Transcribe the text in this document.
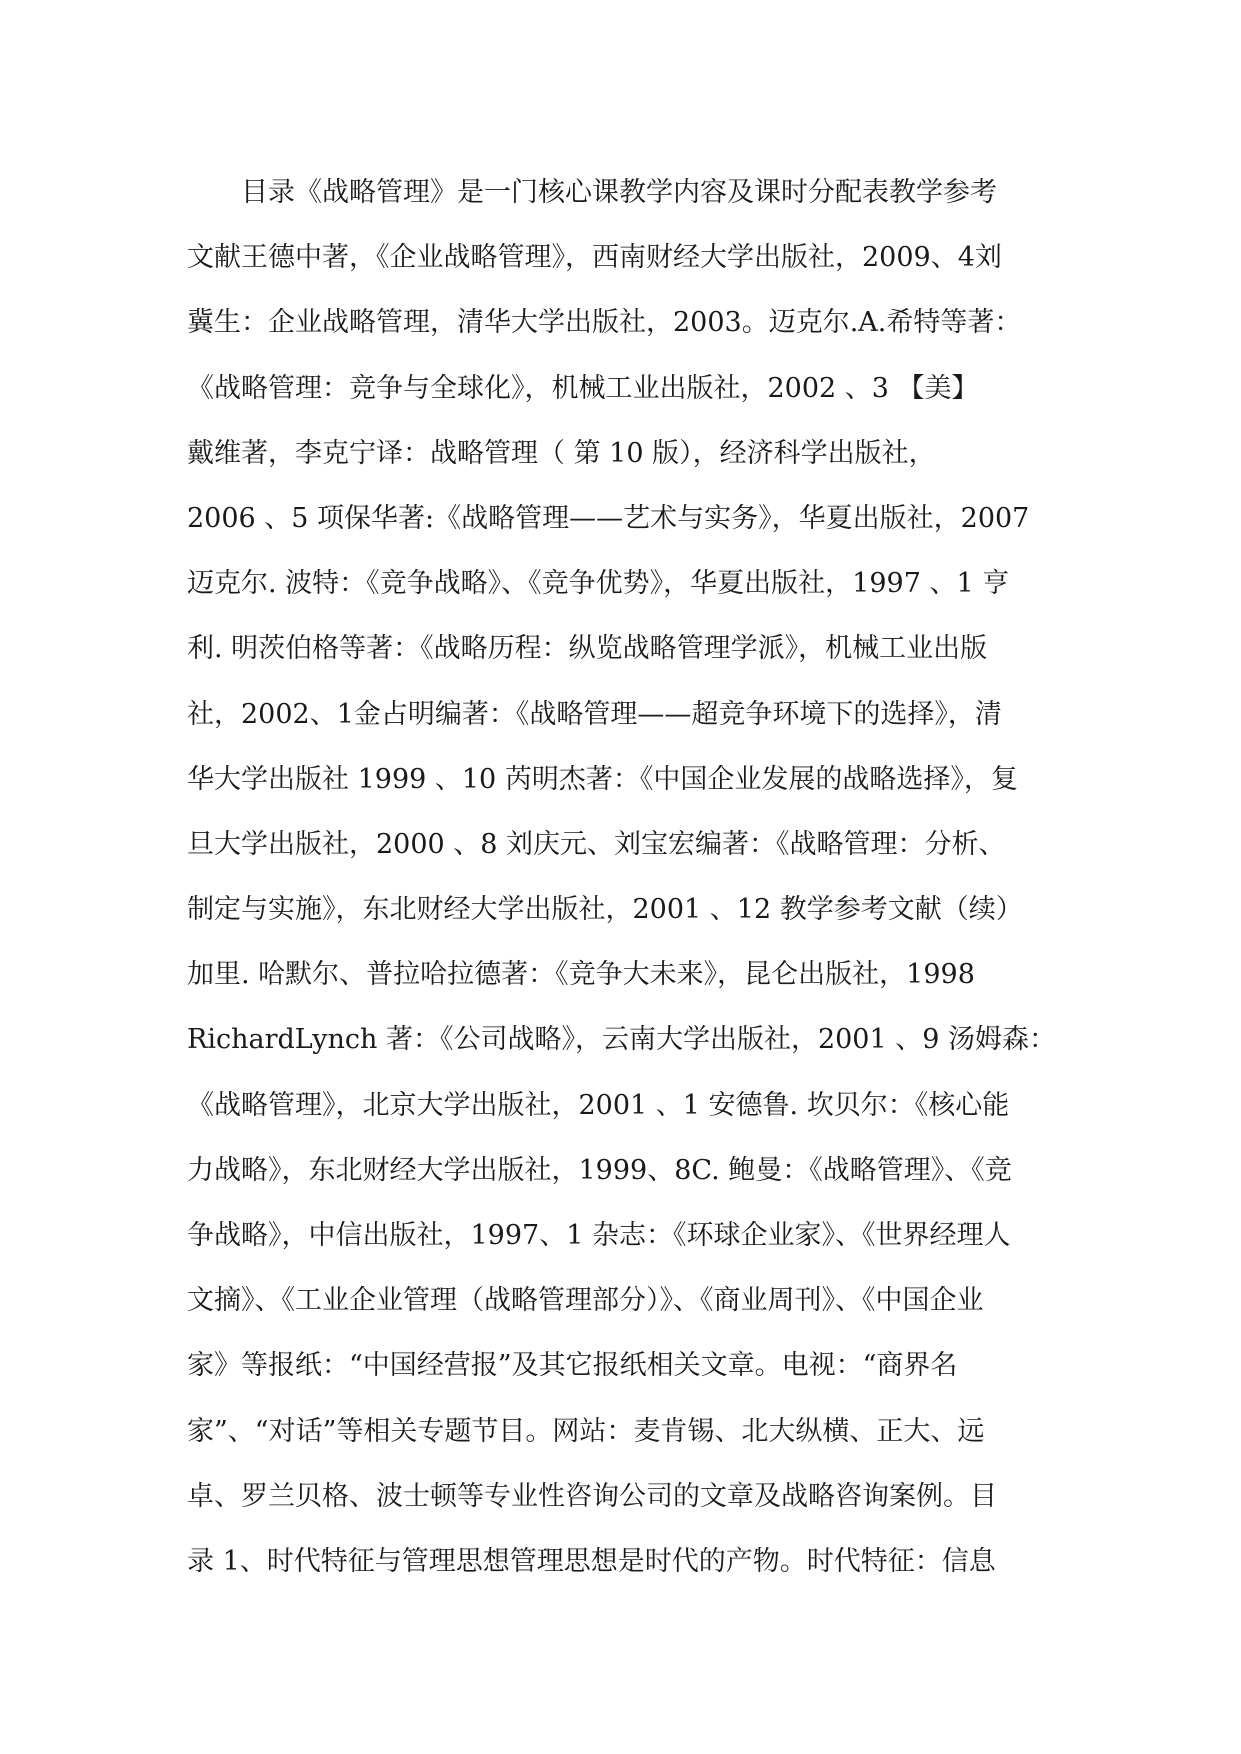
目录《战略管理》是一门核心课教学内容及课时分配表教学参考
文献王德中著，《企业战略管理》，西南财经大学出版社，2009、4刘
冀生：企业战略管理，清华大学出版社，2003。迈克尔.A.希特等著：
《战略管理：竞争与全球化》，机械工业出版社，2002 、3 【美】
戴维著，李克宁译：战略管理（ 第 10 版），经济科学出版社，
2006 、5 项保华著:《战略管理——艺术与实务》，华夏出版社，2007
迈克尔. 波特：《竞争战略》、《竞争优势》，华夏出版社，1997 、1 亨
利. 明茨伯格等著：《战略历程：纵览战略管理学派》，机械工业出版
社，2002、1金占明编著：《战略管理——超竞争环境下的选择》，清
华大学出版社 1999 、10 芮明杰著：《中国企业发展的战略选择》，复
旦大学出版社，2000 、8 刘庆元、刘宝宏编著：《战略管理：分析、
制定与实施》，东北财经大学出版社，2001 、12 教学参考文献（续）
加里. 哈默尔、普拉哈拉德著：《竞争大未来》，昆仑出版社，1998
RichardLynch 著：《公司战略》，云南大学出版社，2001 、9 汤姆森：
《战略管理》，北京大学出版社，2001 、1 安德鲁. 坎贝尔：《核心能
力战略》，东北财经大学出版社，1999、8C. 鲍曼：《战略管理》、《竞
争战略》，中信出版社，1997、1 杂志：《环球企业家》、《世界经理人
文摘》、《工业企业管理（战略管理部分）》、《商业周刊》、《中国企业
家》等报纸：“中国经营报”及其它报纸相关文章。电视：“商界名
家”、“对话”等相关专题节目。网站：麦肯锡、北大纵横、正大、远
卓、罗兰贝格、波士顿等专业性咨询公司的文章及战略咨询案例。目
录 1、时代特征与管理思想管理思想是时代的产物。时代特征：信息
